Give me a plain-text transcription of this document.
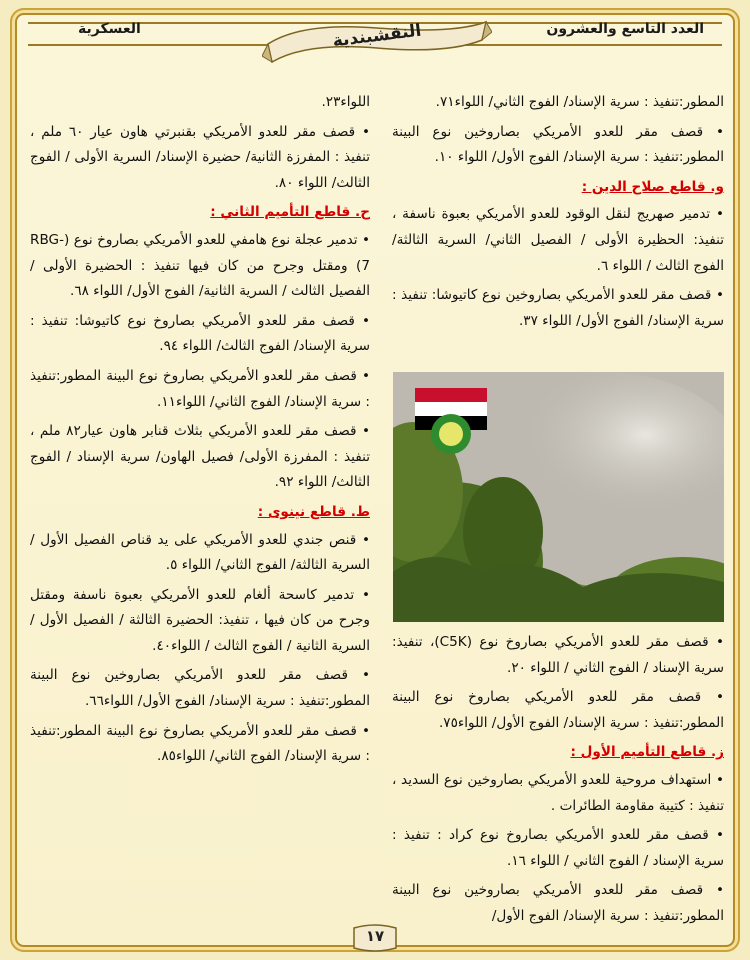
العسكرية	العدد التاسع والعشرون
النقشبندية

اللواء٢٣.

• قصف مقر للعدو الأمريكي بقنبرتي هاون عيار ٦٠ ملم ، تنفيذ : المفرزة الثانية/ حضيرة الإسناد/ السرية الأولى / الفوج الثالث/ اللواء ٨٠.

ح. قاطع التأميم الثاني :

• تدمير عجلة نوع هامفي للعدو الأمريكي بصاروخ نوع (RBG-7) ومقتل وجرح من كان فيها تنفيذ : الحضيرة الأولى / الفصيل الثالث / السرية الثانية/ الفوج الأول/ اللواء ٦٨.

• قصف مقر للعدو الأمريكي بصاروخ نوع كاتيوشا: تنفيذ : سرية الإسناد/ الفوج الثالث/ اللواء ٩٤.

• قصف مقر للعدو الأمريكي بصاروخ نوع البينة المطور:تنفيذ : سرية الإسناد/ الفوج الثاني/ اللواء١١.

• قصف مقر للعدو الأمريكي بثلاث قنابر هاون عيار٨٢ ملم ، تنفيذ : المفرزة الأولى/ فصيل الهاون/ سرية الإسناد / الفوج الثالث/ اللواء ٩٢.

ط. قاطع نينوى :

• قنص جندي للعدو الأمريكي على يد قناص الفصيل الأول / السرية الثالثة/ الفوج الثاني/ اللواء ٥.

• تدمير كاسحة ألغام للعدو الأمريكي بعبوة ناسفة ومقتل وجرح من كان فيها ، تنفيذ: الحضيرة الثالثة / الفصيل الأول / السرية الثانية / الفوج الثالث / اللواء٤٠.

• قصف مقر للعدو الأمريكي بصاروخين نوع البينة المطور:تنفيذ : سرية الإسناد/ الفوج الأول/ اللواء٦٦.

• قصف مقر للعدو الأمريكي بصاروخ نوع البينة المطور:تنفيذ : سرية الإسناد/ الفوج الثاني/ اللواء٨٥.

المطور:تنفيذ : سرية الإسناد/ الفوج الثاني/ اللواء٧١.

• قصف مقر للعدو الأمريكي بصاروخين نوع البينة المطور:تنفيذ : سرية الإسناد/ الفوج الأول/ اللواء ١٠.

و. قاطع صلاح الدين :

• تدمير صهريج لنقل الوقود للعدو الأمريكي بعبوة ناسفة ، تنفيذ: الحظيرة الأولى / الفصيل الثاني/ السرية الثالثة/ الفوج الثالث / اللواء ٦.

• قصف مقر للعدو الأمريكي بصاروخين نوع كاتيوشا: تنفيذ : سرية الإسناد/ الفوج الأول/ اللواء ٣٧.

• قصف مقر للعدو الأمريكي بصاروخ نوع (C5K)، تنفيذ: سرية الإسناد / الفوج الثاني / اللواء ٢٠.

• قصف مقر للعدو الأمريكي بصاروخ نوع البينة المطور:تنفيذ : سرية الإسناد/ الفوج الأول/ اللواء٧٥.

ز. قاطع التأميم الأول :

• استهداف مروحية للعدو الأمريكي بصاروخين نوع السديد ، تنفيذ : كتيبة مقاومة الطائرات .

• قصف مقر للعدو الأمريكي بصاروخ نوع كراد : تنفيذ : سرية الإسناد / الفوج الثاني / اللواء ١٦.

• قصف مقر للعدو الأمريكي بصاروخين نوع البينة المطور:تنفيذ : سرية الإسناد/ الفوج الأول/

١٧
